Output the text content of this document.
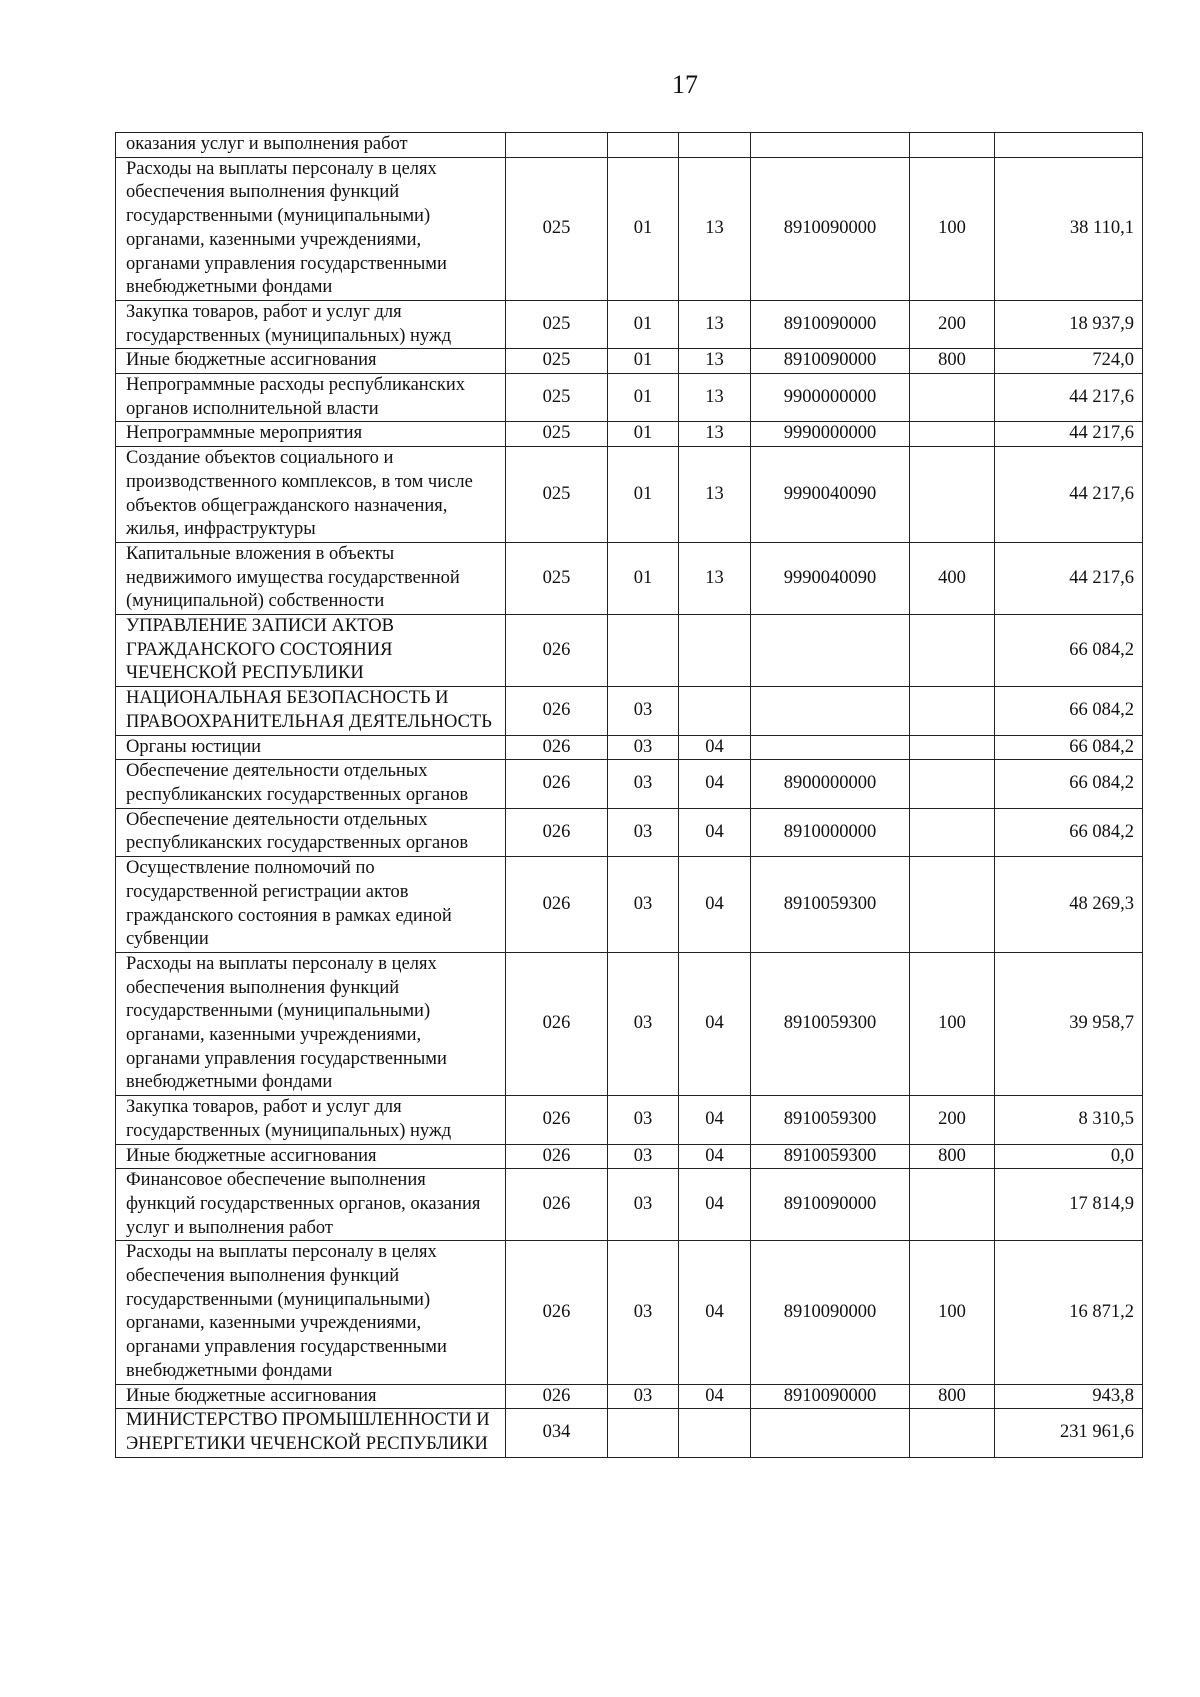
17
оказания услуг и выполнения работ						
Расходы на выплаты персоналу в целях обеспечения выполнения функций государственными (муниципальными) органами, казенными учреждениями, органами управления государственными внебюджетными фондами	025	01	13	8910090000	100	38 110,1
Закупка товаров, работ и услуг для государственных (муниципальных) нужд	025	01	13	8910090000	200	18 937,9
Иные бюджетные ассигнования	025	01	13	8910090000	800	724,0
Непрограммные расходы республиканских органов исполнительной власти	025	01	13	9900000000		44 217,6
Непрограммные мероприятия	025	01	13	9990000000		44 217,6
Создание объектов социального и производственного комплексов, в том числе объектов общегражданского назначения, жилья, инфраструктуры	025	01	13	9990040090		44 217,6
Капитальные вложения в объекты недвижимого имущества государственной (муниципальной) собственности	025	01	13	9990040090	400	44 217,6
УПРАВЛЕНИЕ ЗАПИСИ АКТОВ ГРАЖДАНСКОГО СОСТОЯНИЯ ЧЕЧЕНСКОЙ РЕСПУБЛИКИ	026					66 084,2
НАЦИОНАЛЬНАЯ БЕЗОПАСНОСТЬ И ПРАВООХРАНИТЕЛЬНАЯ ДЕЯТЕЛЬНОСТЬ	026	03				66 084,2
Органы юстиции	026	03	04			66 084,2
Обеспечение деятельности отдельных республиканских государственных органов	026	03	04	8900000000		66 084,2
Обеспечение деятельности отдельных республиканских государственных органов	026	03	04	8910000000		66 084,2
Осуществление полномочий по государственной регистрации актов гражданского состояния в рамках единой субвенции	026	03	04	8910059300		48 269,3
Расходы на выплаты персоналу в целях обеспечения выполнения функций государственными (муниципальными) органами, казенными учреждениями, органами управления государственными внебюджетными фондами	026	03	04	8910059300	100	39 958,7
Закупка товаров, работ и услуг для государственных (муниципальных) нужд	026	03	04	8910059300	200	8 310,5
Иные бюджетные ассигнования	026	03	04	8910059300	800	0,0
Финансовое обеспечение выполнения функций государственных органов, оказания услуг и выполнения работ	026	03	04	8910090000		17 814,9
Расходы на выплаты персоналу в целях обеспечения выполнения функций государственными (муниципальными) органами, казенными учреждениями, органами управления государственными внебюджетными фондами	026	03	04	8910090000	100	16 871,2
Иные бюджетные ассигнования	026	03	04	8910090000	800	943,8
МИНИСТЕРСТВО ПРОМЫШЛЕННОСТИ И ЭНЕРГЕТИКИ ЧЕЧЕНСКОЙ РЕСПУБЛИКИ	034					231 961,6
